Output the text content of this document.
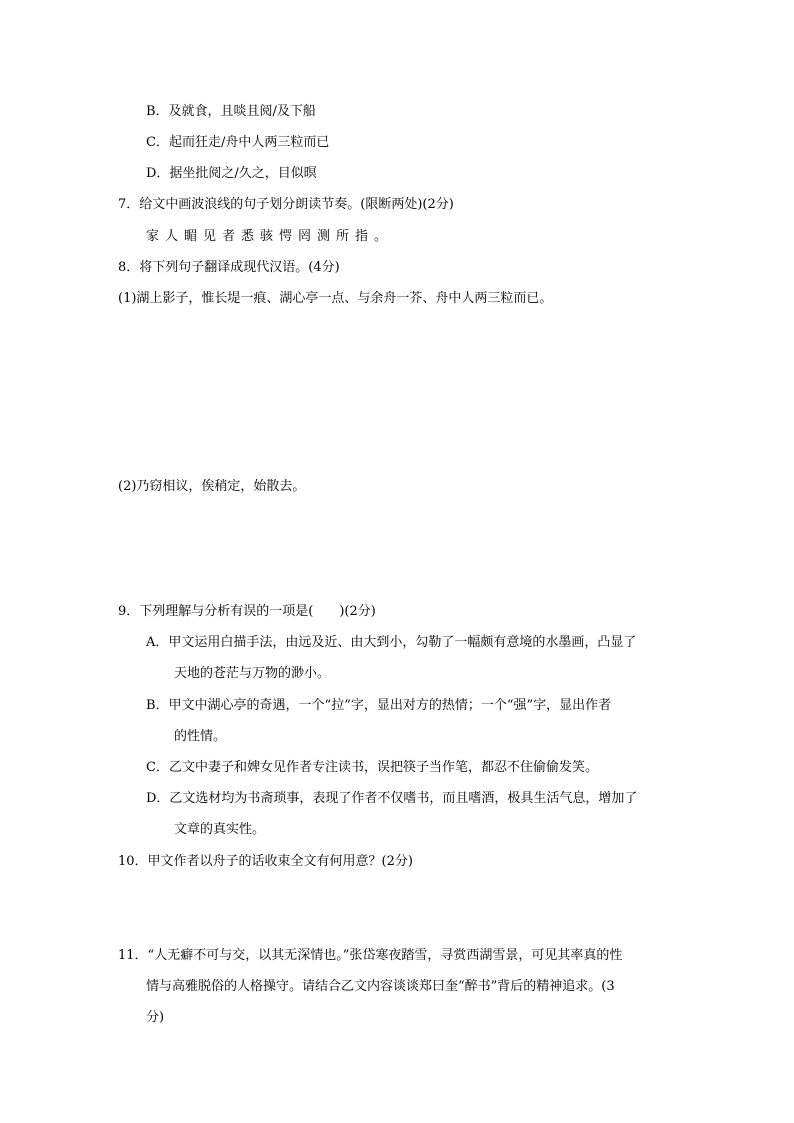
B．及就食，且啖且阅/及下船
C．起而狂走/舟中人两三粒而已
D．据坐批阅之/久之，目似暝
7．给文中画波浪线的句子划分朗读节奏。(限断两处)(2分)
家人睸见者悉骇愕罔测所指。
8．将下列句子翻译成现代汉语。(4分)
(1)湖上影子，惟长堤一痕、湖心亭一点、与余舟一芥、舟中人两三粒而已。
(2)乃窃相议，俟稍定，始散去。
9．下列理解与分析有误的一项是(　　)(2分)
A．甲文运用白描手法，由远及近、由大到小，勾勒了一幅颇有意境的水墨画，凸显了
天地的苍茫与万物的渺小。
B．甲文中湖心亭的奇遇，一个“拉”字，显出对方的热情；一个“强”字，显出作者
的性情。
C．乙文中妻子和婢女见作者专注读书，误把筷子当作笔，都忍不住偷偷发笑。
D．乙文选材均为书斋琐事，表现了作者不仅嗜书，而且嗜酒，极具生活气息，增加了
文章的真实性。
10．甲文作者以舟子的话收束全文有何用意？(2分)
11．“人无癖不可与交，以其无深情也。”张岱寒夜踏雪，寻赏西湖雪景，可见其率真的性
情与高雅脱俗的人格操守。请结合乙文内容谈谈郑曰奎“醉书”背后的精神追求。(3
分)
